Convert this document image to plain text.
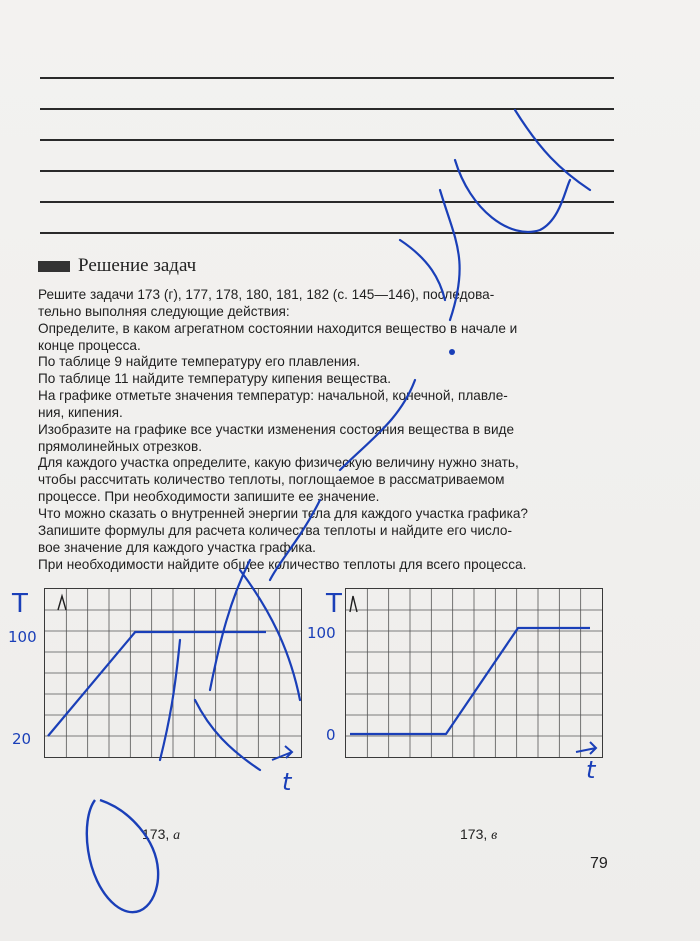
Решение задач
Решите задачи 173 (г), 177, 178, 180, 181, 182 (с. 145—146), последова-
тельно выполняя следующие действия:
Определите, в каком агрегатном состоянии находится вещество в начале и
конце процесса.
По таблице 9 найдите температуру его плавления.
По таблице 11 найдите температуру кипения вещества.
На графике отметьте значения температур: начальной, конечной, плавле-
ния, кипения.
Изобразите на графике все участки изменения состояния вещества в виде
прямолинейных отрезков.
Для каждого участка определите, какую физическую величину нужно знать,
чтобы рассчитать количество теплоты, поглощаемое в рассматриваемом
процессе. При необходимости запишите ее значение.
Что можно сказать о внутренней энергии тела для каждого участка графика?
Запишите формулы для расчета количества теплоты и найдите его число-
вое значение для каждого участка графика.
При необходимости найдите общее количество теплоты для всего процесса.
173, а	173, в
79
T	T
t	t
100
20
100
0
